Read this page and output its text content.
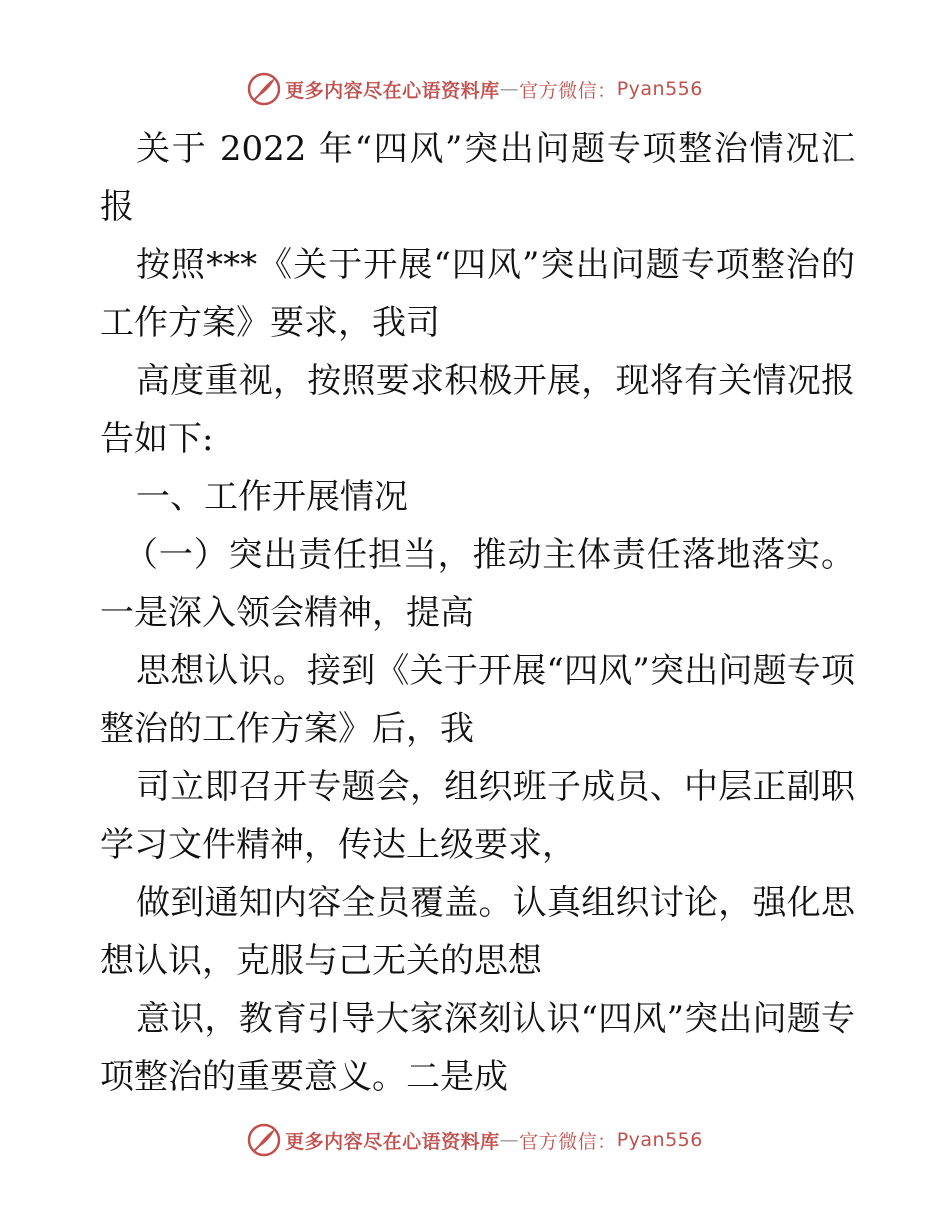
更多内容尽在心语资料库 — 官方微信： Pyan556

关于 2022 年“四风”突出问题专项整治情况汇报

按照***《关于开展“四风”突出问题专项整治的工作方案》要求，我司

高度重视，按照要求积极开展，现将有关情况报告如下:

一、工作开展情况

（一）突出责任担当，推动主体责任落地落实。一是深入领会精神，提高

思想认识。接到《关于开展“四风”突出问题专项整治的工作方案》后，我

司立即召开专题会，组织班子成员、中层正副职学习文件精神，传达上级要求，

做到通知内容全员覆盖。认真组织讨论，强化思想认识，克服与己无关的思想

意识，教育引导大家深刻认识“四风”突出问题专项整治的重要意义。二是成

更多内容尽在心语资料库 — 官方微信： Pyan556
